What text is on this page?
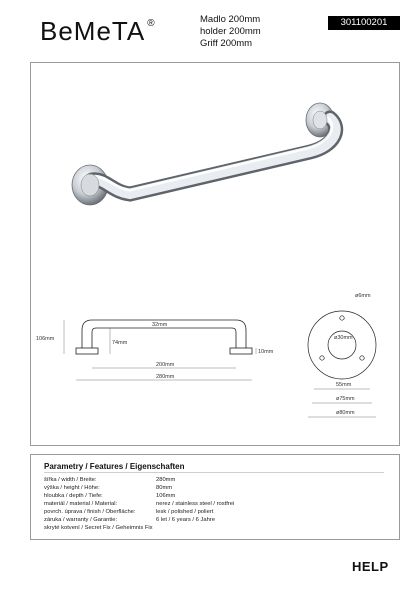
BeMeTA ®	Madlo 200mm
holder 200mm
Griff 200mm
301100201
106mm
32mm
74mm
10mm
200mm
280mm
ø6mm
ø30mm
55mm
ø75mm
ø80mm
Parametry / Features / Eigenschaften
šířka / width / Breite:	280mm
výška / height / Höhe:	80mm
hloubka / depth / Tiefe:	106mm
materiál / material / Material:	nerez / stainless steel / rostfrei
povrch. úprava / finish / Oberfläche:	lesk / polished / poliert
záruka / warranty / Garantie:	6 let / 6 years / 6 Jahre
skryté kotvení / Secret Fix / Geheimnis Fix
HELP
